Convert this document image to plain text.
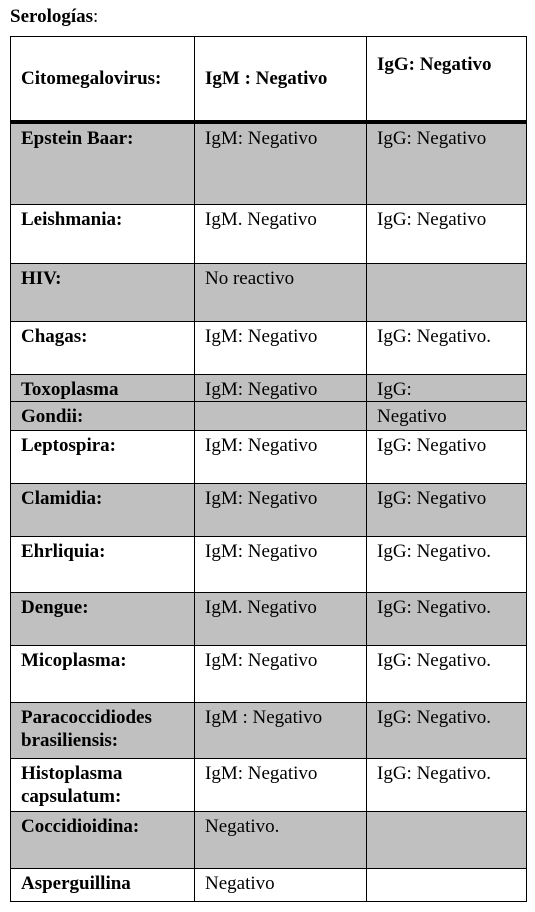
Serologías:
Citomegalovirus:	IgM : Negativo	IgG: Negativo
Epstein Baar:	IgM: Negativo	IgG: Negativo
Leishmania:	IgM. Negativo	IgG: Negativo
HIV:	No reactivo	
Chagas:	IgM: Negativo	IgG: Negativo.
Toxoplasma	IgM: Negativo	IgG:
Gondii:		Negativo
Leptospira:	IgM: Negativo	IgG: Negativo
Clamidia:	IgM: Negativo	IgG: Negativo
Ehrliquia:	IgM: Negativo	IgG: Negativo.
Dengue:	IgM. Negativo	IgG: Negativo.
Micoplasma:	IgM: Negativo	IgG: Negativo.
Paracoccidiodes brasiliensis:	IgM : Negativo	IgG: Negativo.
Histoplasma capsulatum:	IgM: Negativo	IgG: Negativo.
Coccidioidina:	Negativo.	
Asperguillina	Negativo	
